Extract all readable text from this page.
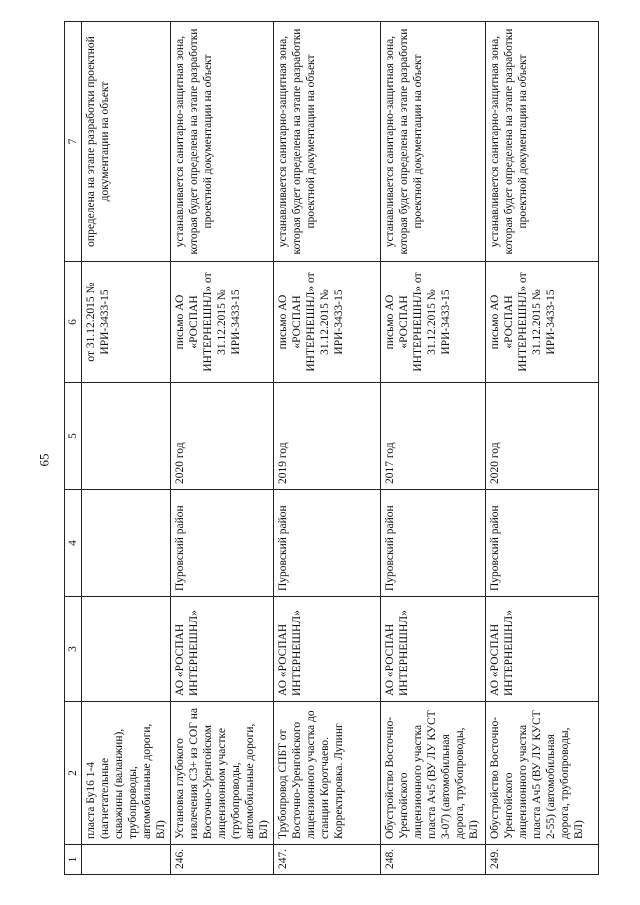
65
1	2	3	4	5	6	7
	пласта Бу16 1-4 (нагнетательные скважины (валанжин), трубопроводы, автомобильные дороги, ВЛ)				от 31.12.2015 № ИРИ-3433-15	определена на этапе разработки проектной документации на объект
246.	Установка глубокого извлечения С3+ из СОГ на Восточно-Уренгойском лицензионном участке (трубопроводы, автомобильные дороги, ВЛ)	АО «РОСПАН ИНТЕРНЕШНЛ»	Пуровский район	2020 год	письмо АО «РОСПАН ИНТЕРНЕШНЛ» от 31.12.2015 № ИРИ-3433-15	устанавливается санитарно-защитная зона, которая будет определена на этапе разработки проектной документации на объект
247.	Трубопровод СПБТ от Восточно-Уренгойского лицензионного участка до станции Коротчаево. Корректировка. Лупинг	АО «РОСПАН ИНТЕРНЕШНЛ»	Пуровский район	2019 год	письмо АО «РОСПАН ИНТЕРНЕШНЛ» от 31.12.2015 № ИРИ-3433-15	устанавливается санитарно-защитная зона, которая будет определена на этапе разработки проектной документации на объект
248.	Обустройство Восточно-Уренгойского лицензионного участка пласта Ач5 (ВУ ЛУ КУСТ 3-07) (автомобильная дорога, трубопроводы, ВЛ)	АО «РОСПАН ИНТЕРНЕШНЛ»	Пуровский район	2017 год	письмо АО «РОСПАН ИНТЕРНЕШНЛ» от 31.12.2015 № ИРИ-3433-15	устанавливается санитарно-защитная зона, которая будет определена на этапе разработки проектной документации на объект
249.	Обустройство Восточно-Уренгойского лицензионного участка пласта Ач5 (ВУ ЛУ КУСТ 2-55) (автомобильная дорога, трубопроводы, ВЛ)	АО «РОСПАН ИНТЕРНЕШНЛ»	Пуровский район	2020 год	письмо АО «РОСПАН ИНТЕРНЕШНЛ» от 31.12.2015 № ИРИ-3433-15	устанавливается санитарно-защитная зона, которая будет определена на этапе разработки проектной документации на объект
